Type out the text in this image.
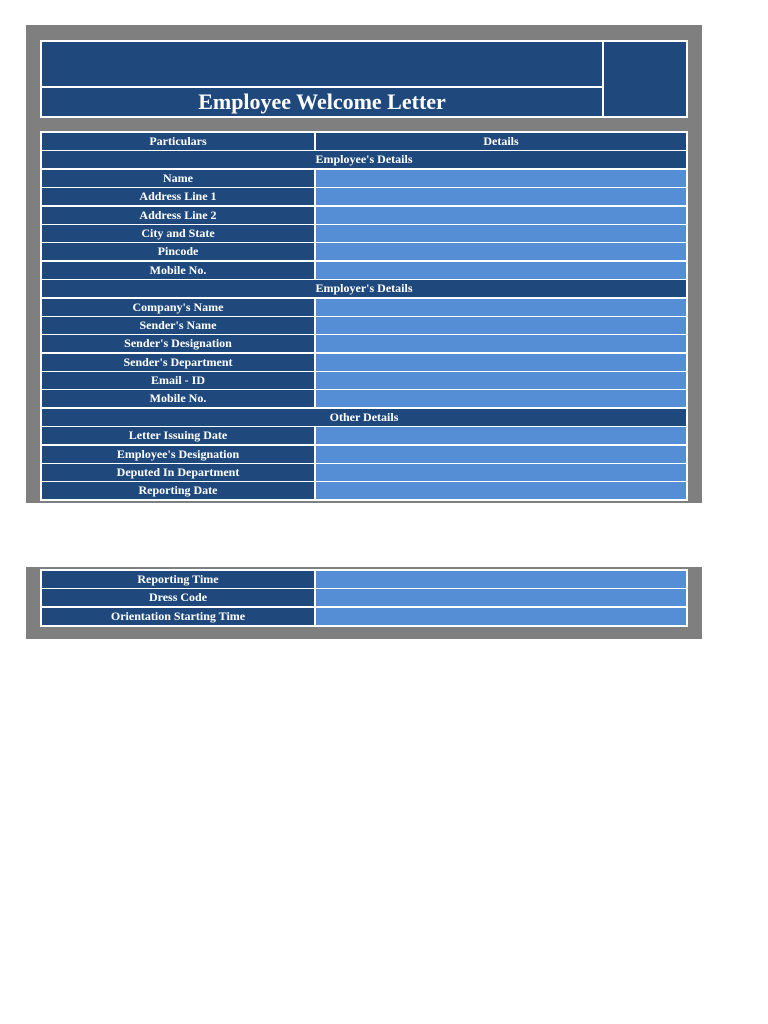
Employee Welcome Letter
Particulars	Details
Employee's Details
Name
Address Line 1
Address Line 2
City and State
Pincode
Mobile No.
Employer's Details
Company's Name
Sender's Name
Sender's Designation
Sender's Department
Email - ID
Mobile No.
Other Details
Letter Issuing Date
Employee's Designation
Deputed In Department
Reporting Date
Reporting Time
Dress Code
Orientation Starting Time
